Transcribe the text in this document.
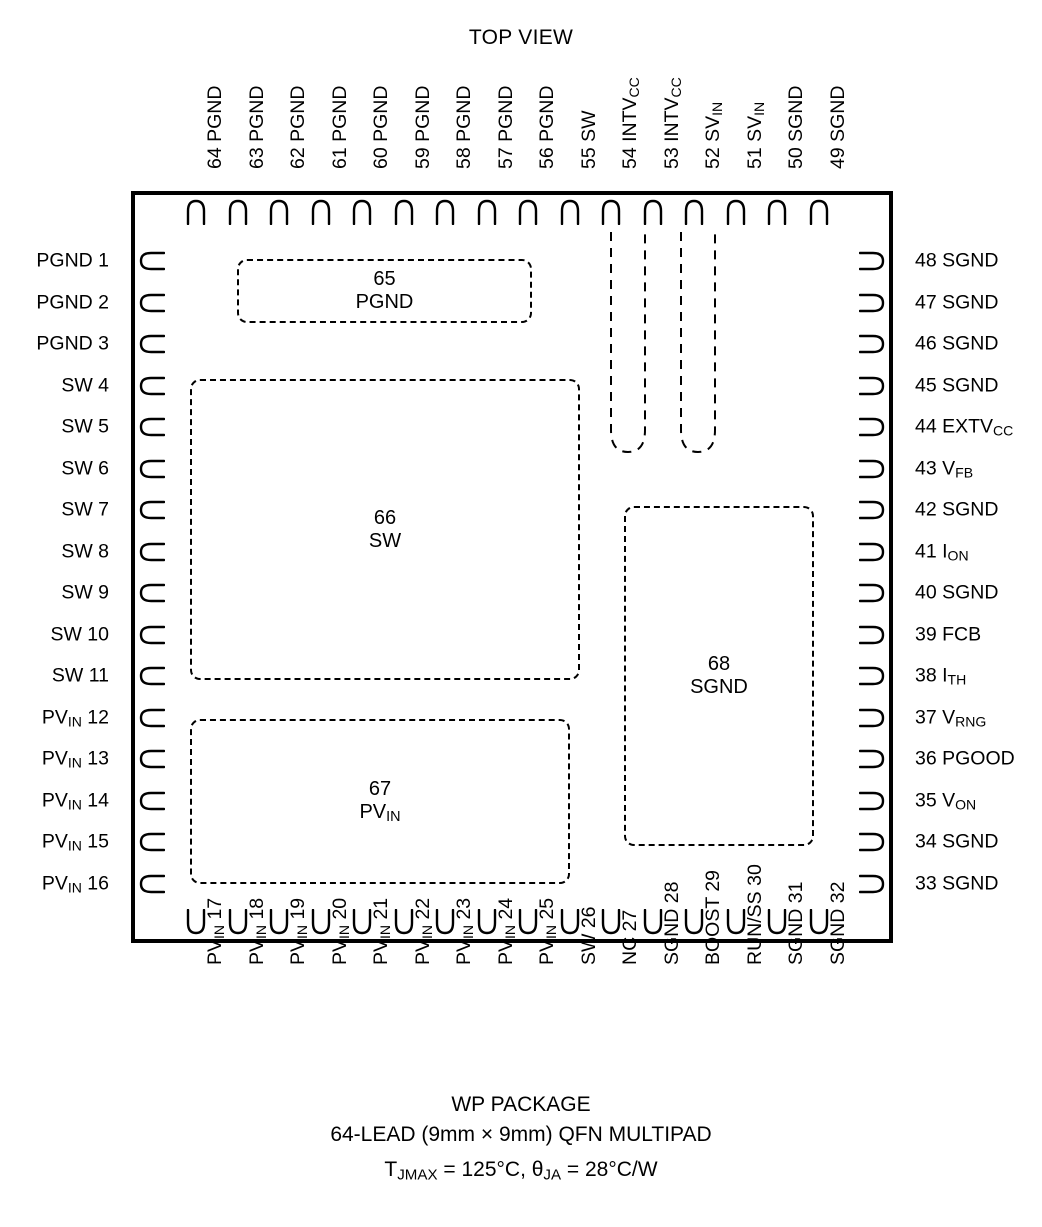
TOP VIEW
65
PGND
66
SW
67
$PV_{IN}$
68
SGND
PGND 1
PGND 2
PGND 3
SW 4
SW 5
SW 6
SW 7
SW 8
SW 9
SW 10
SW 11
$PV_{IN}$ 12
$PV_{IN}$ 13
$PV_{IN}$ 14
$PV_{IN}$ 15
$PV_{IN}$ 16
48 SGND
47 SGND
46 SGND
45 SGND
44 $EXTV_{CC}$
43 $V_{FB}$
42 SGND
41 $I_{ON}$
40 SGND
39 FCB
38 $I_{TH}$
37 $V_{RNG}$
36 PGOOD
35 $V_{ON}$
34 SGND
33 SGND
64 PGND 63 PGND 62 PGND 61 PGND 60 PGND 59 PGND 58 PGND 57 PGND 56 PGND 55 SW 54 $INTV_{CC}$
53 $INTV_{CC}$
52 $SV_{IN}$
51 $SV_{IN}$ 50 SGND 49 SGND
$PV_{IN}$ 17
$PV_{IN}$ 18
$PV_{IN}$ 19
$PV_{IN}$ 20
$PV_{IN}$ 21
$PV_{IN}$ 22
$PV_{IN}$ 23
$PV_{IN}$ 24
$PV_{IN}$ 25 SW 26 NC 27 SGND 28 BOOST 29 RUN/SS 30 SGND 31 SGND 32
WP PACKAGE
64-LEAD (9mm × 9mm) QFN MULTIPAD
$T_{JMAX} = 125^\circ C$, $\theta_{JA} = 28^\circ C/W$
